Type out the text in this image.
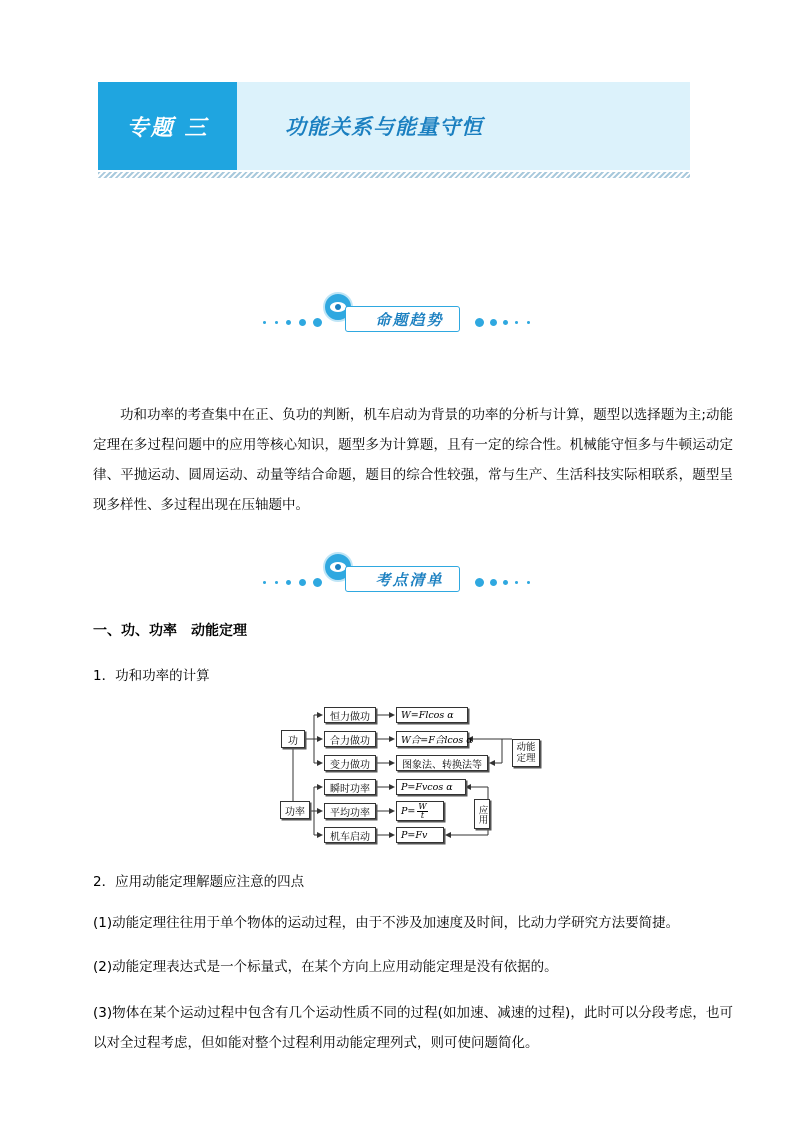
专题 三	功能关系与能量守恒
命题趋势
功和功率的考查集中在正、负功的判断，机车启动为背景的功率的分析与计算，题型以选择题为主;动能定理在多过程问题中的应用等核心知识，题型多为计算题，且有一定的综合性。机械能守恒多与牛顿运动定律、平抛运动、圆周运动、动量等结合命题，题目的综合性较强，常与生产、生活科技实际相联系，题型呈现多样性、多过程出现在压轴题中。
考点清单
一、功、功率　动能定理
1．功和功率的计算
功
功率
恒力做功
合力做功
变力做功
W=Flcos α
W合=F合lcos α
图象法、转换法等
瞬时功率
平均功率
机车启动
P=Fvcos α
$P= \frac{W}{t}$
P=Fv
动能定理
应用
2．应用动能定理解题应注意的四点
(1)动能定理往往用于单个物体的运动过程，由于不涉及加速度及时间，比动力学研究方法要简捷。
(2)动能定理表达式是一个标量式，在某个方向上应用动能定理是没有依据的。
(3)物体在某个运动过程中包含有几个运动性质不同的过程(如加速、减速的过程)，此时可以分段考虑，也可以对全过程考虑，但如能对整个过程利用动能定理列式，则可使问题简化。
